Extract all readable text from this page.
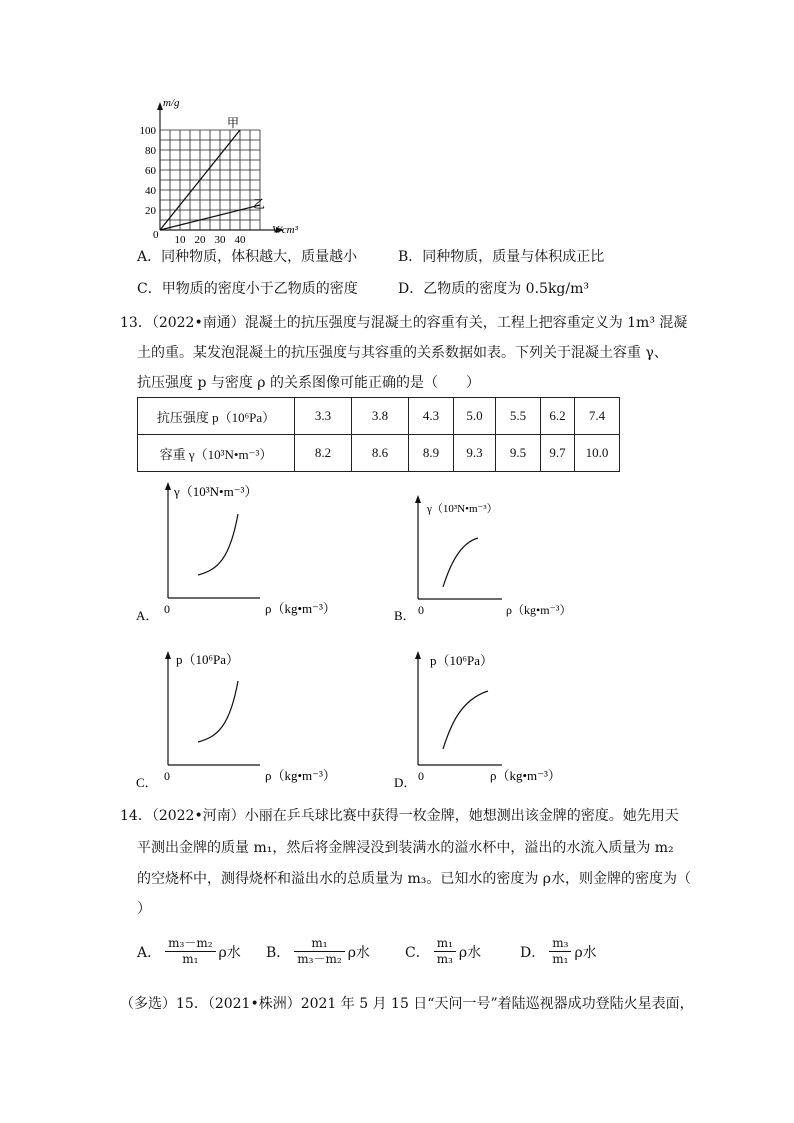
m/g
V/cm³
甲
乙
100
80
60
40
20
10 20 30 40
0
A．同种物质，体积越大，质量越小	B．同种物质，质量与体积成正比
C．甲物质的密度小于乙物质的密度	D．乙物质的密度为 0.5kg/m³
13．（2022•南通）混凝土的抗压强度与混凝土的容重有关，工程上把容重定义为 1m³ 混凝
土的重。某发泡混凝土的抗压强度与其容重的关系数据如表。下列关于混凝土容重 γ、
抗压强度 p 与密度 ρ 的关系图像可能正确的是（　　）
抗压强度 p（10⁶Pa）	3.3	3.8	4.3	5.0	5.5	6.2	7.4
容重 γ（10³N•m⁻³）	8.2	8.6	8.9	9.3	9.5	9.7	10.0
γ（10³N•m⁻³）
0	ρ（kg•m⁻³）
A．
γ（10³N•m⁻³）
0	ρ（kg•m⁻³）
B．
p（10⁶Pa）
0	ρ（kg•m⁻³）
C．
p（10⁶Pa）
0	ρ（kg•m⁻³）
D．
14．（2022•河南）小丽在乒乓球比赛中获得一枚金牌，她想测出该金牌的密度。她先用天
平测出金牌的质量 m₁，然后将金牌浸没到装满水的溢水杯中，溢出的水流入质量为 m₂
的空烧杯中，测得烧杯和溢出水的总质量为 m₃。已知水的密度为 ρ水，则金牌的密度为（
）
A． $\frac{\text{m₃－m₂}}{\text{m₁}}$ ρ水 B． $\frac{\text{m₁}}{\text{m₃－m₂}}$ ρ水	C． $\frac{\text{m₁}}{\text{m₃}}$ ρ水	D． $\frac{\text{m₃}}{\text{m₁}}$ ρ水
（多选）15．（2021•株洲）2021 年 5 月 15 日“天问一号”着陆巡视器成功登陆火星表面，
